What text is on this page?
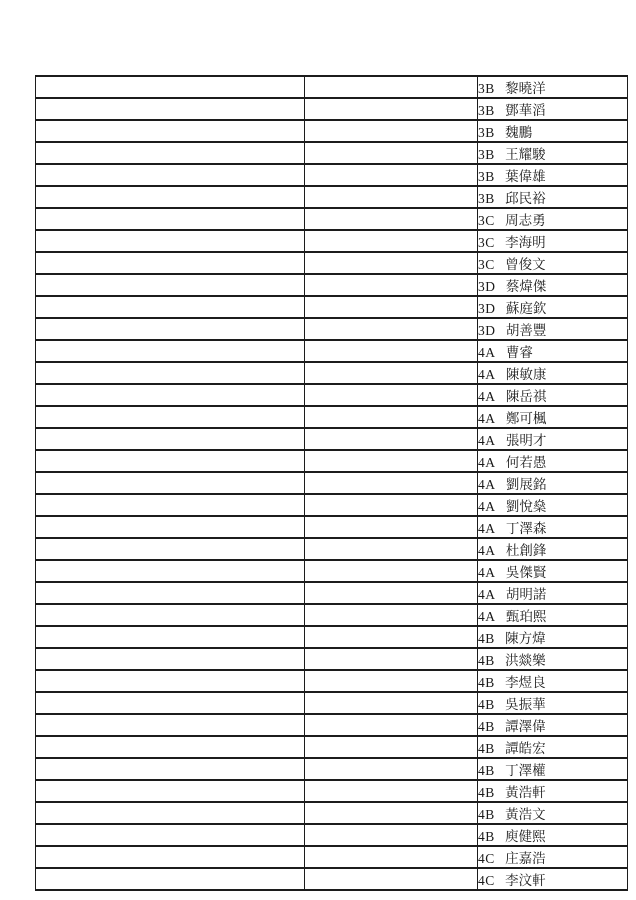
		3B 黎曉洋
		3B 鄧華滔
		3B 魏鵬
		3B 王耀駿
		3B 葉偉雄
		3B 邱民裕
		3C 周志勇
		3C 李海明
		3C 曾俊文
		3D 蔡煒傑
		3D 蘇庭欽
		3D 胡善豐
		4A 曹睿
		4A 陳敏康
		4A 陳岳祺
		4A 鄭可楓
		4A 張明才
		4A 何若愚
		4A 劉展銘
		4A 劉悅燊
		4A 丁澤森
		4A 杜創鋒
		4A 吳傑賢
		4A 胡明諾
		4A 甄珀熙
		4B 陳方煒
		4B 洪燚樂
		4B 李煜良
		4B 吳振華
		4B 譚澤偉
		4B 譚皓宏
		4B 丁澤權
		4B 黃浩軒
		4B 黃浩文
		4B 庾健熙
		4C 庄嘉浩
		4C 李汶軒
